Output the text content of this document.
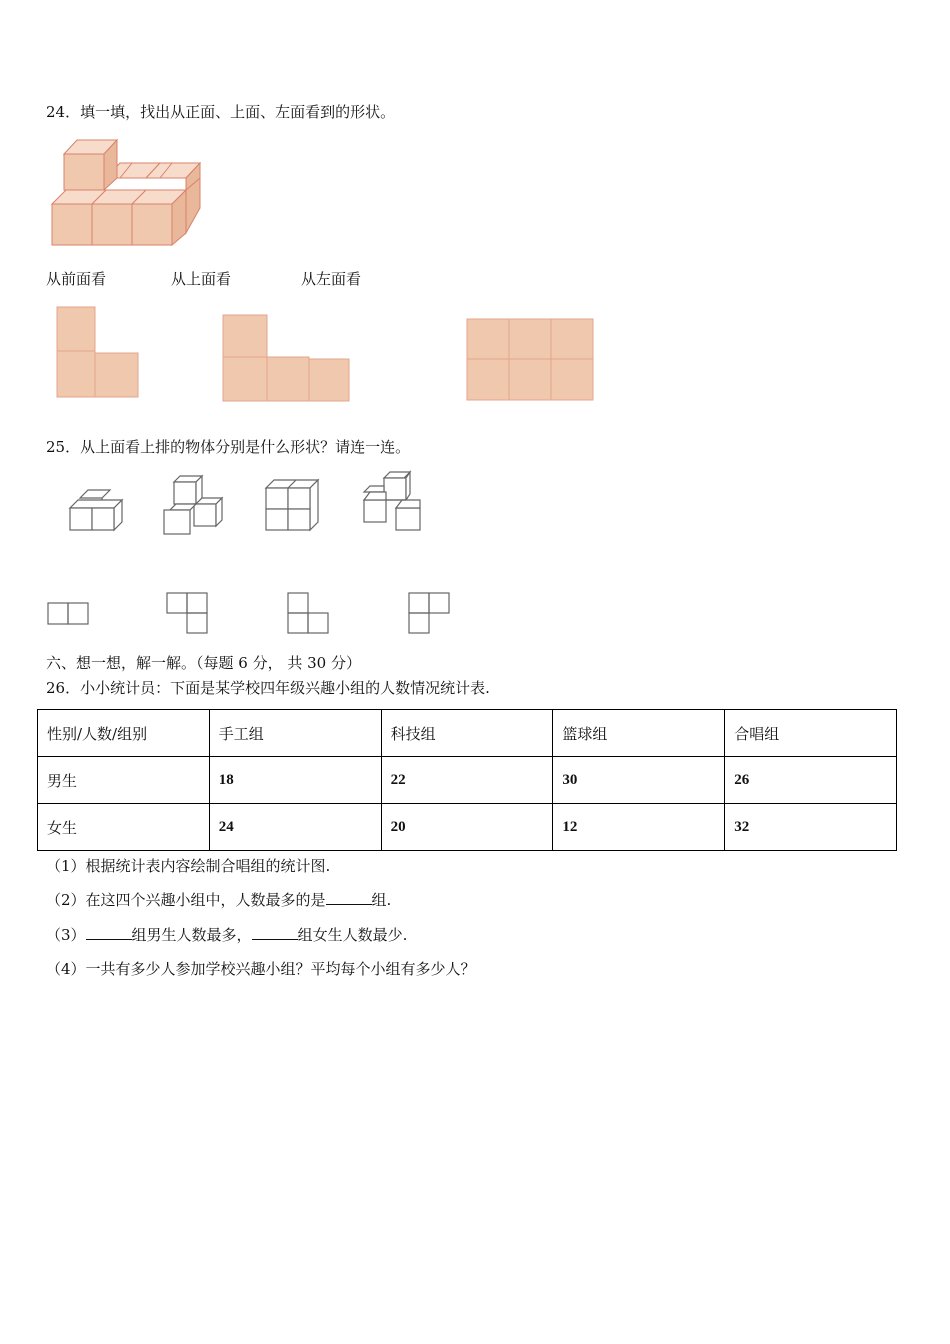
24．填一填，找出从正面、上面、左面看到的形状。
从前面看	从上面看	从左面看
25．从上面看上排的物体分别是什么形状？请连一连。
六、想一想，解一解。（每题 6 分， 共 30 分）
26．小小统计员：下面是某学校四年级兴趣小组的人数情况统计表.
性别/人数/组别	手工组	科技组	篮球组	合唱组
男生	18	22	30	26
女生	24	20	12	32
（1）根据统计表内容绘制合唱组的统计图.
（2）在这四个兴趣小组中，人数最多的是	组.
（3）	组男生人数最多，	组女生人数最少.
（4）一共有多少人参加学校兴趣小组？平均每个小组有多少人？
